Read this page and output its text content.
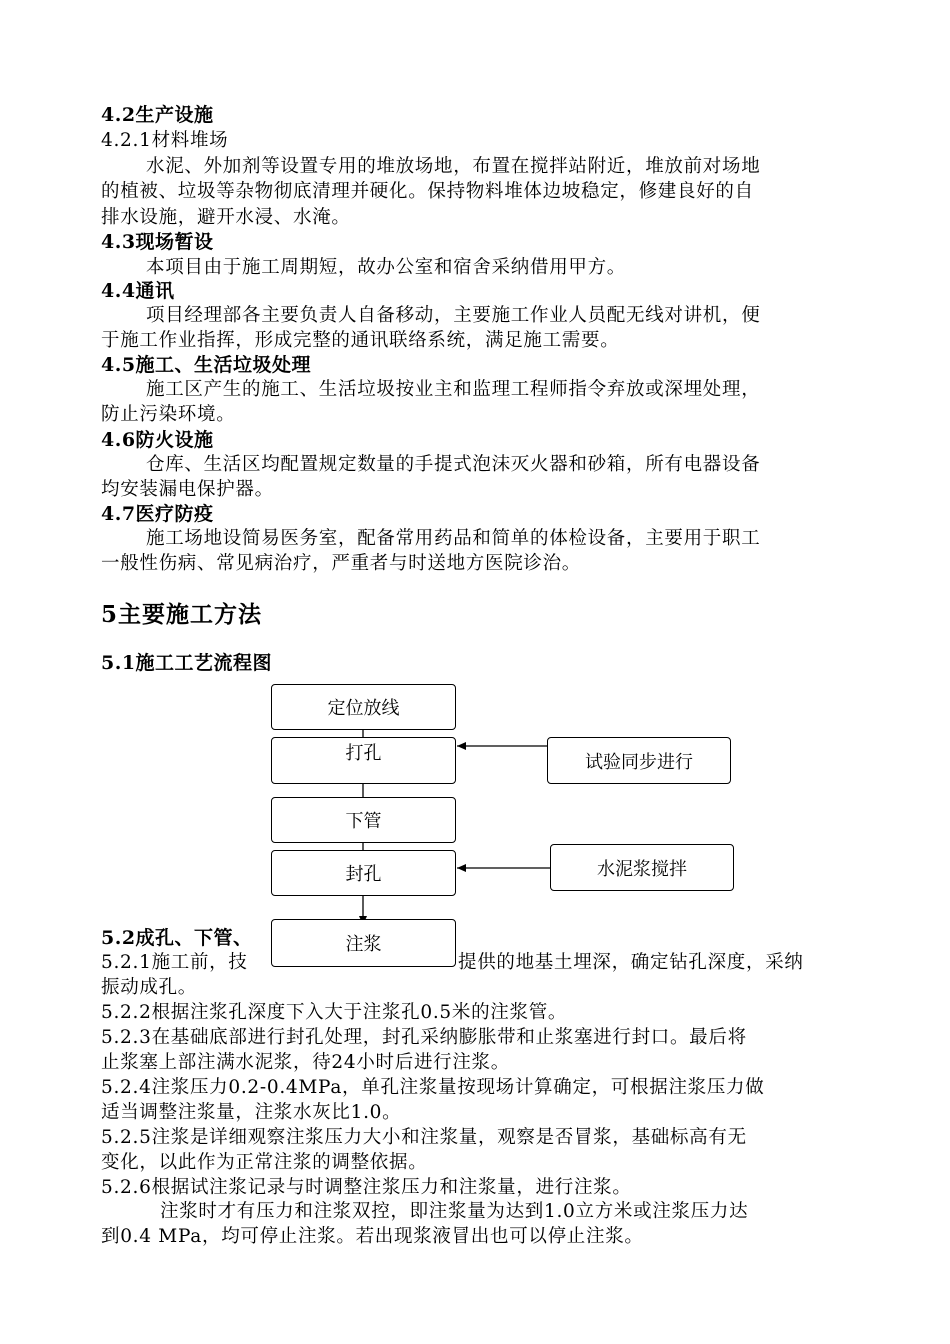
4.2生产设施
4.2.1材料堆场
水泥、外加剂等设置专用的堆放场地，布置在搅拌站附近，堆放前对场地
的植被、垃圾等杂物彻底清理并硬化。保持物料堆体边坡稳定，修建良好的自
排水设施，避开水浸、水淹。
4.3现场暂设
本项目由于施工周期短，故办公室和宿舍采纳借用甲方。
4.4通讯
项目经理部各主要负责人自备移动，主要施工作业人员配无线对讲机，便
于施工作业指挥，形成完整的通讯联络系统，满足施工需要。
4.5施工、生活垃圾处理
施工区产生的施工、生活垃圾按业主和监理工程师指令弃放或深埋处理，
防止污染环境。
4.6防火设施
仓库、生活区均配置规定数量的手提式泡沫灭火器和砂箱，所有电器设备
均安装漏电保护器。
4.7医疗防疫
施工场地设简易医务室，配备常用药品和简单的体检设备，主要用于职工
一般性伤病、常见病治疗，严重者与时送地方医院诊治。
5主要施工方法
5.1施工工艺流程图
5.2成孔、下管、
定位放线
打孔
下管
封孔
注浆
试验同步进行
水泥浆搅拌
5.2.1施工前，技	提供的地基土埋深，确定钻孔深度，采纳
振动成孔。
5.2.2根据注浆孔深度下入大于注浆孔0.5米的注浆管。
5.2.3在基础底部进行封孔处理，封孔采纳膨胀带和止浆塞进行封口。最后将
止浆塞上部注满水泥浆，待24小时后进行注浆。
5.2.4注浆压力0.2-0.4MPa，单孔注浆量按现场计算确定，可根据注浆压力做
适当调整注浆量，注浆水灰比1.0。
5.2.5注浆是详细观察注浆压力大小和注浆量，观察是否冒浆，基础标高有无
变化，以此作为正常注浆的调整依据。
5.2.6根据试注浆记录与时调整注浆压力和注浆量，进行注浆。
注浆时才有压力和注浆双控，即注浆量为达到1.0立方米或注浆压力达
到0.4 MPa，均可停止注浆。若出现浆液冒出也可以停止注浆。
